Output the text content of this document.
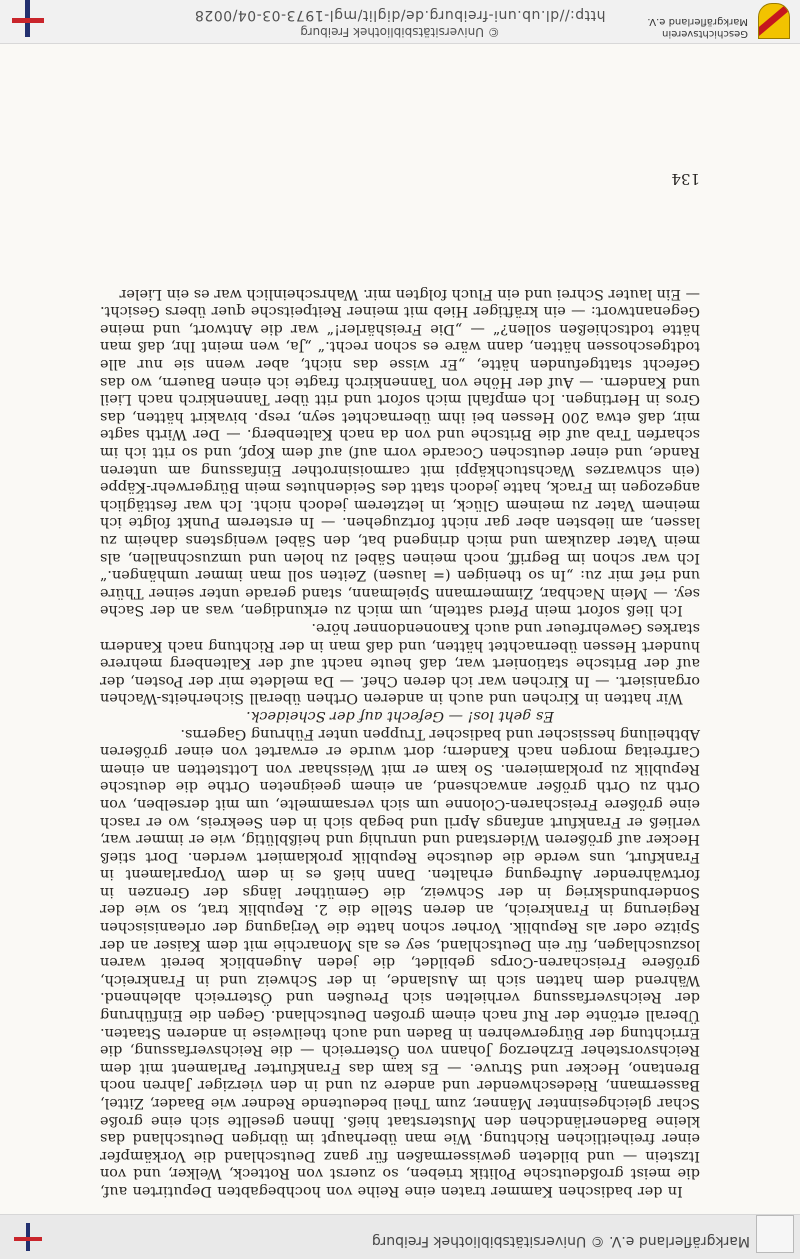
Markgräflerland e.V. © Universitätsbibliothek Freiburg

In der badischen Kammer traten eine Reihe von hochbegabten Deputirten auf, die meist großdeutsche Politik trieben, so zuerst von Rotteck, Welker, und von Itzstein — und bildeten gewissermaßen für ganz Deutschland die Vorkämpfer einer freiheitlichen Richtung. Wie man überhaupt im übrigen Deutschland das kleine Badenerländchen den Musterstaat hieß. Ihnen gesellte sich eine große Schar gleichgesinnter Männer, zum Theil bedeutende Redner wie Baader, Zittel, Bassermann, Riedeschwender und andere zu und in den vierziger Jahren noch Brentano, Hecker und Struve. — Es kam das Frankfurter Parlament mit dem Reichsvorsteher Erzherzog Johann von Österreich — die Reichsverfassung, die Errichtung der Bürgerwehren in Baden und auch theilweise in anderen Staaten. Überall ertönte der Ruf nach einem großen Deutschland. Gegen die Einführung der Reichsverfassung verhielten sich Preußen und Österreich ablehnend. Während dem hatten sich im Auslande, in der Schweiz und in Frankreich, größere Freischaren-Corps gebildet, die jeden Augenblick bereit waren loszuschlagen, für ein Deutschland, sey es als Monarchie mit dem Kaiser an der Spitze oder als Republik. Vorher schon hatte die Verjagung der orleanisischen Regierung in Frankreich, an deren Stelle die 2. Republik trat, so wie der Sonderbundskrieg in der Schweiz, die Gemüther längs der Grenzen in fortwährender Aufregung erhalten. Dann hieß es in dem Vorparlament in Frankfurt, uns werde die deutsche Republik proklamiert werden. Dort stieß Hecker auf größeren Widerstand und unruhig und heißblütig, wie er immer war, verließ er Frankfurt anfangs April und begab sich in den Seekreis, wo er rasch eine größere Freischaren-Colonne um sich versammelte, um mit derselben, von Orth zu Orth größer anwachsend, an einem geeigneten Orthe die deutsche Republik zu proklamieren. So kam er mit Weisshaar von Lottstetten an einem Carfreitag morgen nach Kandern; dort wurde er erwartet von einer größeren Abtheilung hessischer und badischer Truppen unter Führung Gagerns.

Es geht los! — Gefecht auf der Scheideck.

Wir hatten in Kirchen und auch in anderen Orthen überall Sicherheits-Wachen organisiert. — In Kirchen war ich deren Chef. — Da meldete mir der Posten, der auf der Britsche stationiert war, daß heute nacht auf der Kaltenberg mehrere hundert Hessen übernachtet hätten, und daß man in der Richtung nach Kandern starkes Gewehrfeuer und auch Kanonendonner höre.

Ich ließ sofort mein Pferd satteln, um mich zu erkundigen, was an der Sache sey. — Mein Nachbar, Zimmermann Spielmann, stand gerade unter seiner Thüre und rief mir zu: „In so thenigen (= lausen) Zeiten soll man immer umhängen.“ Ich war schon im Begriff, noch meinen Säbel zu holen und umzuschnallen, als mein Vater dazukam und mich dringend bat, den Säbel wenigstens daheim zu lassen, am liebsten aber gar nicht fortzugehen. — In ersterem Punkt folgte ich meinem Vater zu meinem Glück, in letzterem jedoch nicht. Ich war festtäglich angezogen im Frack, hatte jedoch statt des Seidenhutes mein Bürgerwehr-Käppe (ein schwarzes Wachstuchkäppi mit carmoisinrother Einfassung am unteren Rande, und einer deutschen Cocarde vorn auf) auf dem Kopf, und so ritt ich im scharfen Trab auf die Britsche und von da nach Kaltenberg. — Der Wirth sagte mir, daß etwa 200 Hessen bei ihm übernachtet seyn, resp. bivakirt hätten, das Gros in Hertingen. Ich empfahl mich sofort und ritt über Tannenkirch nach Lieil und Kandern. — Auf der Höhe von Tannenkirch fragte ich einen Bauern, wo das Gefecht stattgefunden hätte, „Er wisse das nicht, aber wenn sie nur alle todtgeschossen hätten, dann wäre es schon recht.“ „Ja, wen meint Ihr, daß man hätte todtschießen sollen?“ — „Die Freishärler!“ war die Antwort, und meine Gegenantwort: — ein kräftiger Hieb mit meiner Reitpeitsche quer übers Gesicht. — Ein lauter Schrei und ein Fluch folgten mir. Wahrscheinlich war es ein Lieler

134
Geschichtsverein Markgräflerland e.V.
© Universitätsbibliothek Freiburg
http://dl.ub.uni-freiburg.de/diglit/mgl-1973-03-04/0028
